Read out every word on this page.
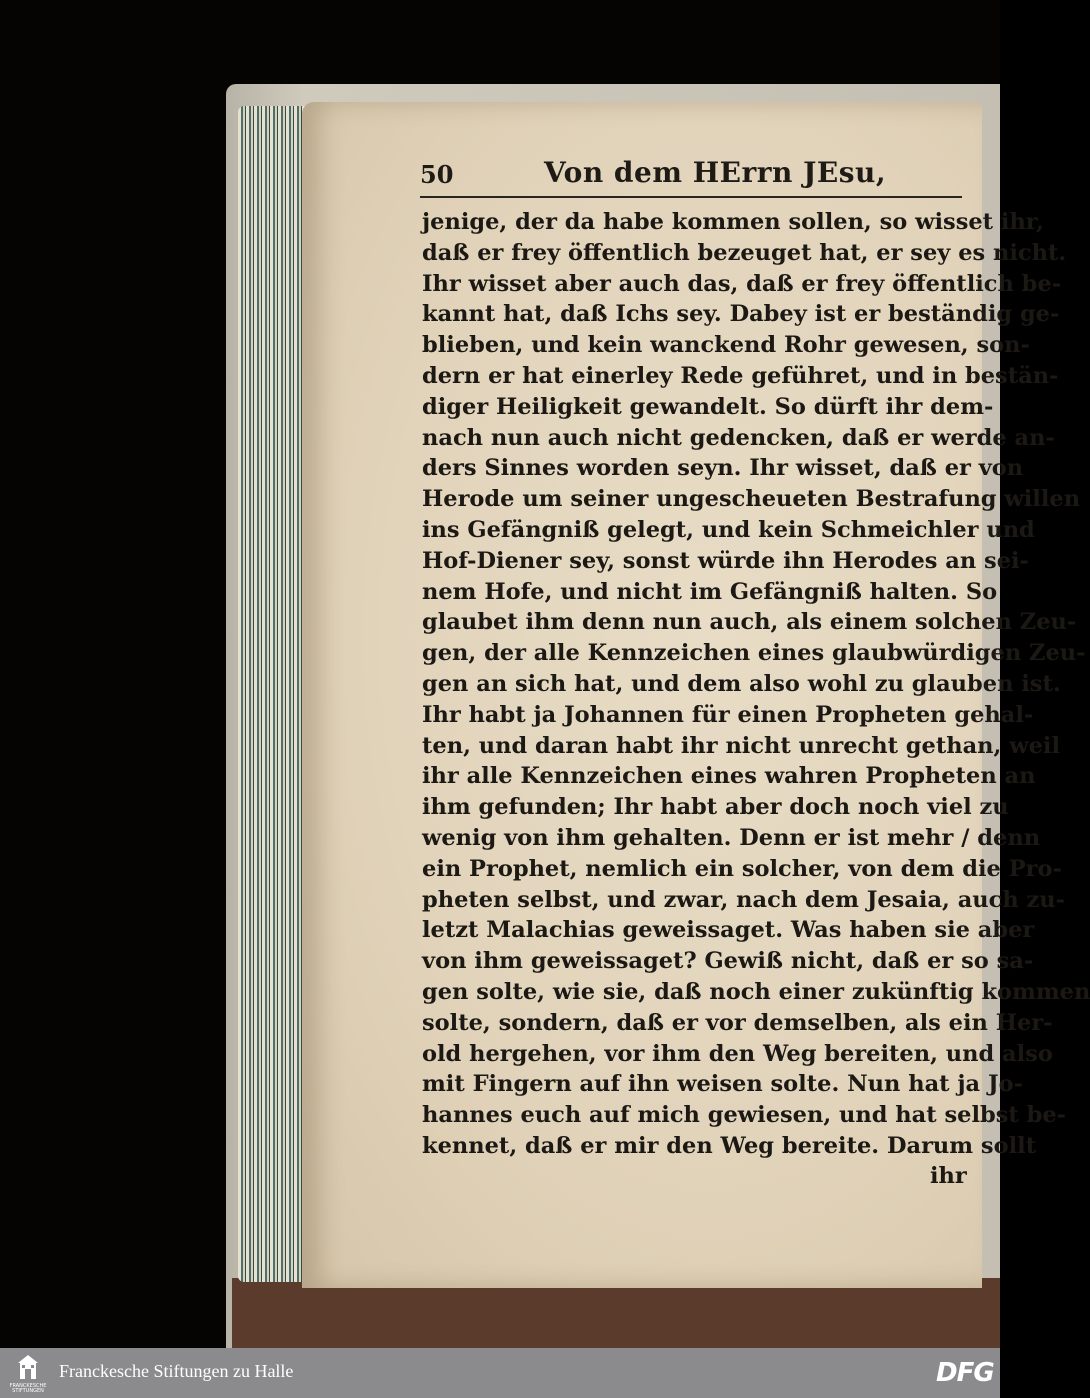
50	Von dem HErrn JEsu,
jenige, der da habe kommen sollen, so wisset ihr,
daß er frey öffentlich bezeuget hat, er sey es nicht.
Ihr wisset aber auch das, daß er frey öffentlich be-
kannt hat, daß Ichs sey. Dabey ist er beständig ge-
blieben, und kein wanckend Rohr gewesen, son-
dern er hat einerley Rede geführet, und in bestän-
diger Heiligkeit gewandelt. So dürft ihr dem-
nach nun auch nicht gedencken, daß er werde an-
ders Sinnes worden seyn. Ihr wisset, daß er von
Herode um seiner ungescheueten Bestrafung willen
ins Gefängniß gelegt, und kein Schmeichler und
Hof-Diener sey, sonst würde ihn Herodes an sei-
nem Hofe, und nicht im Gefängniß halten. So
glaubet ihm denn nun auch, als einem solchen Zeu-
gen, der alle Kennzeichen eines glaubwürdigen Zeu-
gen an sich hat, und dem also wohl zu glauben ist.
Ihr habt ja Johannen für einen Propheten gehal-
ten, und daran habt ihr nicht unrecht gethan, weil
ihr alle Kennzeichen eines wahren Propheten an
ihm gefunden; Ihr habt aber doch noch viel zu
wenig von ihm gehalten. Denn er ist mehr / denn
ein Prophet, nemlich ein solcher, von dem die Pro-
pheten selbst, und zwar, nach dem Jesaia, auch zu-
letzt Malachias geweissaget. Was haben sie aber
von ihm geweissaget? Gewiß nicht, daß er so sa-
gen solte, wie sie, daß noch einer zukünftig kommen
solte, sondern, daß er vor demselben, als ein Her-
old hergehen, vor ihm den Weg bereiten, und also
mit Fingern auf ihn weisen solte. Nun hat ja Jo-
hannes euch auf mich gewiesen, und hat selbst be-
kennet, daß er mir den Weg bereite. Darum sollt
ihr
FRANCKESCHE STIFTUNGEN
Franckesche Stiftungen zu Halle	DFG
